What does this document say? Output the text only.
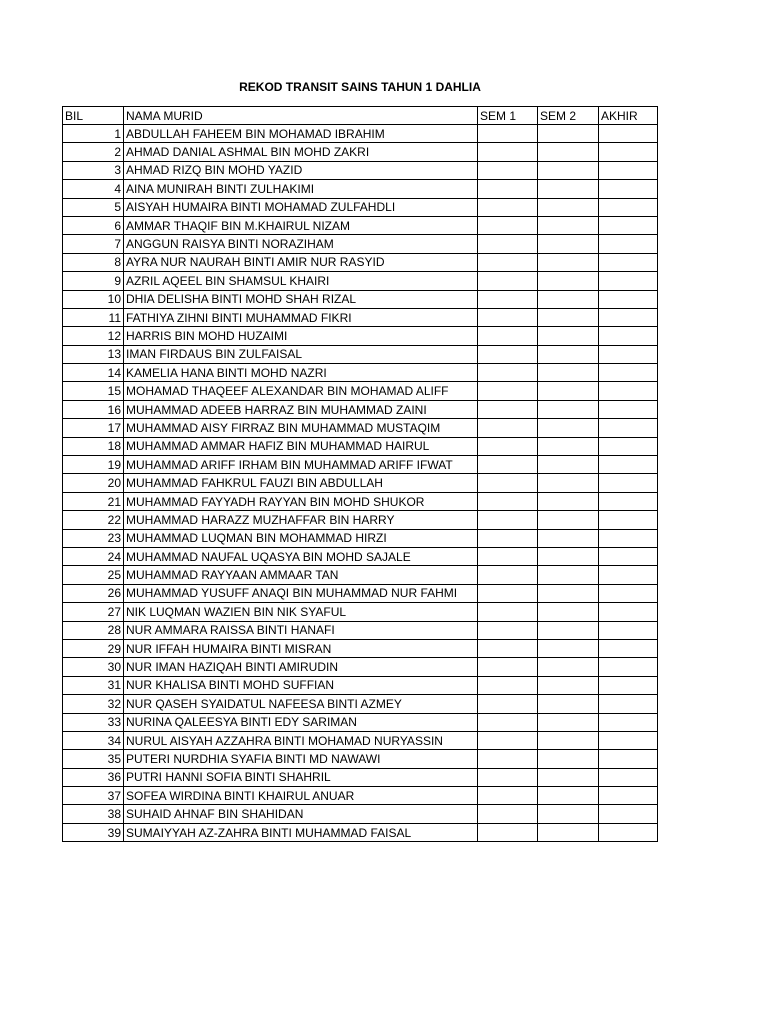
REKOD TRANSIT SAINS TAHUN 1 DAHLIA
BIL	NAMA MURID	SEM 1	SEM 2	AKHIR
1	ABDULLAH FAHEEM BIN MOHAMAD IBRAHIM			
2	AHMAD DANIAL ASHMAL BIN MOHD ZAKRI			
3	AHMAD RIZQ BIN MOHD YAZID			
4	AINA MUNIRAH BINTI ZULHAKIMI			
5	AISYAH HUMAIRA BINTI MOHAMAD ZULFAHDLI			
6	AMMAR THAQIF BIN M.KHAIRUL NIZAM			
7	ANGGUN RAISYA BINTI NORAZIHAM			
8	AYRA NUR NAURAH BINTI AMIR NUR RASYID			
9	AZRIL AQEEL BIN SHAMSUL KHAIRI			
10	DHIA DELISHA BINTI MOHD SHAH RIZAL			
11	FATHIYA ZIHNI BINTI MUHAMMAD FIKRI			
12	HARRIS BIN MOHD HUZAIMI			
13	IMAN FIRDAUS BIN ZULFAISAL			
14	KAMELIA HANA BINTI MOHD NAZRI			
15	MOHAMAD THAQEEF ALEXANDAR BIN MOHAMAD ALIFF			
16	MUHAMMAD ADEEB HARRAZ BIN MUHAMMAD ZAINI			
17	MUHAMMAD AISY FIRRAZ BIN MUHAMMAD MUSTAQIM			
18	MUHAMMAD AMMAR HAFIZ BIN MUHAMMAD HAIRUL			
19	MUHAMMAD ARIFF IRHAM BIN MUHAMMAD ARIFF IFWAT			
20	MUHAMMAD FAHKRUL FAUZI BIN ABDULLAH			
21	MUHAMMAD FAYYADH RAYYAN BIN MOHD SHUKOR			
22	MUHAMMAD HARAZZ MUZHAFFAR BIN HARRY			
23	MUHAMMAD LUQMAN BIN MOHAMMAD HIRZI			
24	MUHAMMAD NAUFAL UQASYA BIN MOHD SAJALE			
25	MUHAMMAD RAYYAAN AMMAAR TAN			
26	MUHAMMAD YUSUFF ANAQI BIN MUHAMMAD NUR FAHMI			
27	NIK LUQMAN WAZIEN BIN NIK SYAFUL			
28	NUR AMMARA RAISSA BINTI HANAFI			
29	NUR IFFAH HUMAIRA BINTI MISRAN			
30	NUR IMAN HAZIQAH BINTI AMIRUDIN			
31	NUR KHALISA BINTI MOHD SUFFIAN			
32	NUR QASEH SYAIDATUL NAFEESA BINTI AZMEY			
33	NURINA QALEESYA BINTI EDY SARIMAN			
34	NURUL AISYAH AZZAHRA BINTI MOHAMAD NURYASSIN			
35	PUTERI NURDHIA SYAFIA BINTI MD NAWAWI			
36	PUTRI HANNI SOFIA BINTI SHAHRIL			
37	SOFEA WIRDINA BINTI KHAIRUL ANUAR			
38	SUHAID AHNAF BIN SHAHIDAN			
39	SUMAIYYAH AZ-ZAHRA BINTI MUHAMMAD FAISAL			
